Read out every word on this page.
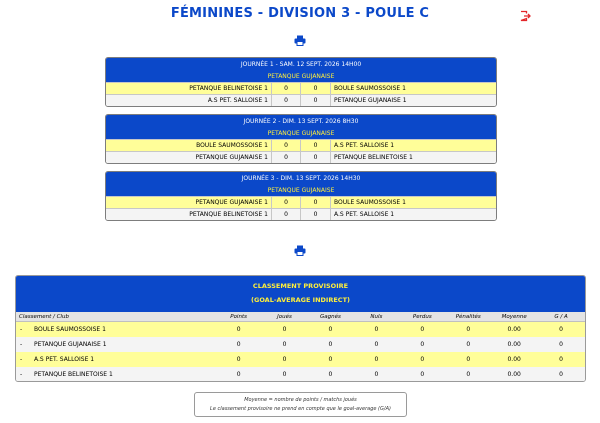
FÉMININES - DIVISION 3 - POULE C
JOURNÉE 1 - SAM. 12 SEPT. 2026 14H00
PETANQUE GUJANAISE
PETANQUE BELINETOISE 1	0	0	BOULE SAUMOSSOISE 1
A.S PET. SALLOISE 1	0	0	PETANQUE GUJANAISE 1
JOURNÉE 2 - DIM. 13 SEPT. 2026 8H30
PETANQUE GUJANAISE
BOULE SAUMOSSOISE 1	0	0	A.S PET. SALLOISE 1
PETANQUE GUJANAISE 1	0	0	PETANQUE BELINETOISE 1
JOURNÉE 3 - DIM. 13 SEPT. 2026 14H30
PETANQUE GUJANAISE
PETANQUE GUJANAISE 1	0	0	BOULE SAUMOSSOISE 1
PETANQUE BELINETOISE 1	0	0	A.S PET. SALLOISE 1
CLASSEMENT PROVISOIRE
(GOAL-AVERAGE INDIRECT)
Classement / Club	Points	Joués	Gagnés	Nuls	Perdus	Pénalités	Moyenne	G / A
- BOULE SAUMOSSOISE 1	0	0	0	0	0	0	0.00	0
- PETANQUE GUJANAISE 1	0	0	0	0	0	0	0.00	0
- A.S PET. SALLOISE 1	0	0	0	0	0	0	0.00	0
- PETANQUE BELINETOISE 1	0	0	0	0	0	0	0.00	0
Moyenne = nombre de points / matchs joués
Le classement provisoire ne prend en compte que le goal-average (G/A)
